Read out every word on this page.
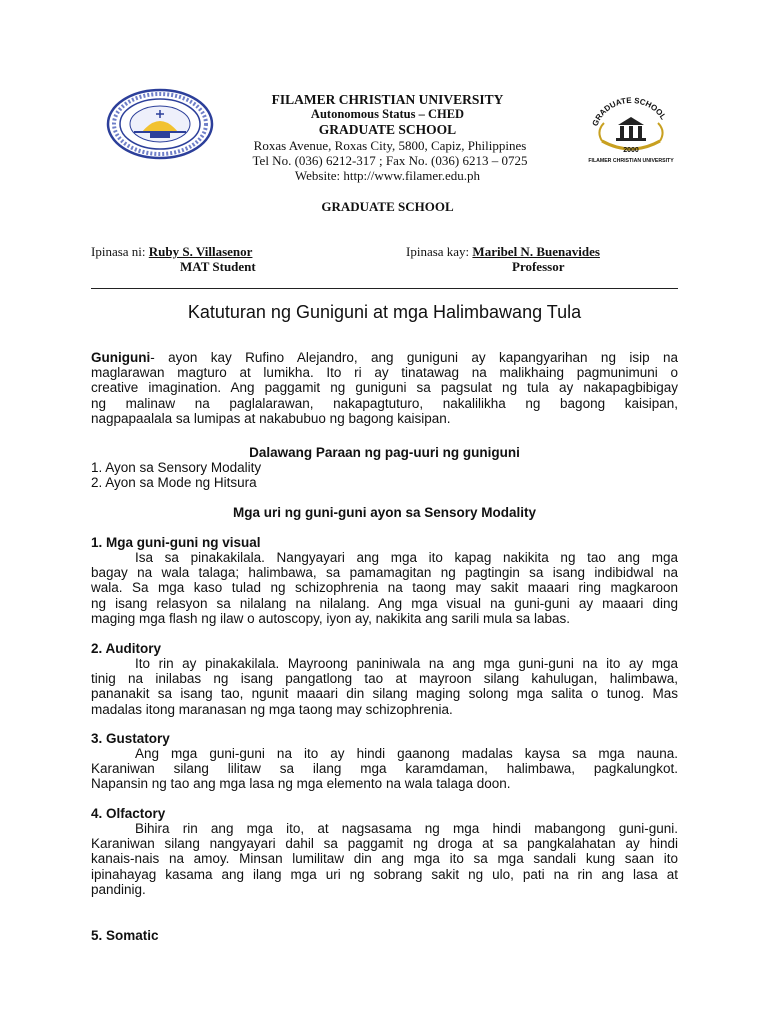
GRADUATE SCHOOL
2000
FILAMER CHRISTIAN UNIVERSITY
FILAMER CHRISTIAN UNIVERSITY
Autonomous Status – CHED
GRADUATE SCHOOL
Roxas Avenue, Roxas City, 5800, Capiz, Philippines
Tel No. (036) 6212-317 ; Fax No. (036) 6213 – 0725
Website: http://www.filamer.edu.ph
GRADUATE SCHOOL
Ipinasa ni: Ruby S. Villasenor
MAT Student
Ipinasa kay: Maribel N. Buenavides
Professor
Katuturan ng Guniguni at mga Halimbawang Tula
Guniguni- ayon kay Rufino Alejandro, ang guniguni ay kapangyarihan ng isip na
maglarawan magturo at lumikha. Ito ri ay tinatawag na malikhaing pagmunimuni o
creative imagination. Ang paggamit ng guniguni sa pagsulat ng tula ay nakapagbibigay
ng malinaw na paglalarawan, nakapagtuturo, nakalilikha ng bagong kaisipan,
nagpapaalala sa lumipas at nakabubuo ng bagong kaisipan.
Dalawang Paraan ng pag-uuri ng guniguni
1. Ayon sa Sensory Modality
2. Ayon sa Mode ng Hitsura
Mga uri ng guni-guni ayon sa Sensory Modality
1. Mga guni-guni ng visual
Isa sa pinakakilala. Nangyayari ang mga ito kapag nakikita ng tao ang mga
bagay na wala talaga; halimbawa, sa pamamagitan ng pagtingin sa isang indibidwal na
wala. Sa mga kaso tulad ng schizophrenia na taong may sakit maaari ring magkaroon
ng isang relasyon sa nilalang na nilalang. Ang mga visual na guni-guni ay maaari ding
maging mga flash ng ilaw o autoscopy, iyon ay, nakikita ang sarili mula sa labas.
2. Auditory
Ito rin ay pinakakilala. Mayroong paniniwala na ang mga guni-guni na ito ay mga
tinig na inilabas ng isang pangatlong tao at mayroon silang kahulugan, halimbawa,
pananakit sa isang tao, ngunit maaari din silang maging solong mga salita o tunog. Mas
madalas itong maranasan ng mga taong may schizophrenia.
3. Gustatory
Ang mga guni-guni na ito ay hindi gaanong madalas kaysa sa mga nauna.
Karaniwan silang lilitaw sa ilang mga karamdaman, halimbawa, pagkalungkot.
Napansin ng tao ang mga lasa ng mga elemento na wala talaga doon.
4. Olfactory
Bihira rin ang mga ito, at nagsasama ng mga hindi mabangong guni-guni.
Karaniwan silang nangyayari dahil sa paggamit ng droga at sa pangkalahatan ay hindi
kanais-nais na amoy. Minsan lumilitaw din ang mga ito sa mga sandali kung saan ito
ipinahayag kasama ang ilang mga uri ng sobrang sakit ng ulo, pati na rin ang lasa at
pandinig.
5. Somatic
